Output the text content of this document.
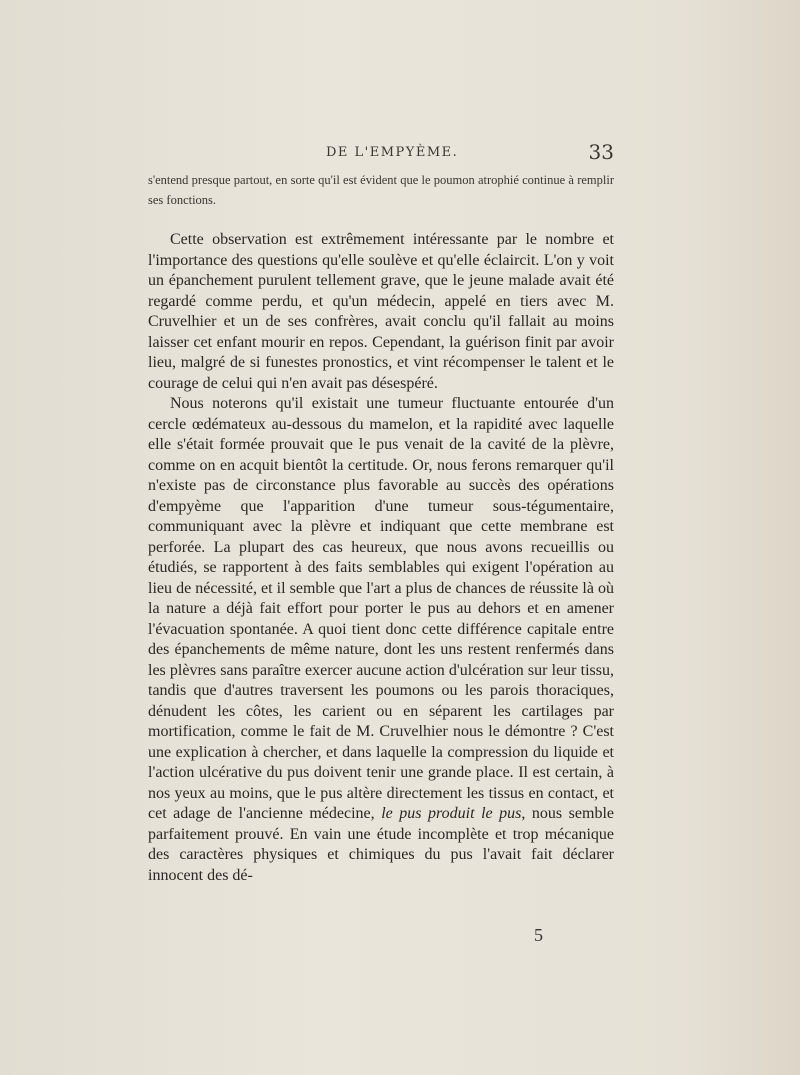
DE L'EMPYÈME.	33
s'entend presque partout, en sorte qu'il est évident que le poumon atrophié continue à remplir ses fonctions.

Cette observation est extrêmement intéressante par le nombre et l'importance des questions qu'elle soulève et qu'elle éclaircit. L'on y voit un épanchement purulent tellement grave, que le jeune malade avait été regardé comme perdu, et qu'un médecin, appelé en tiers avec M. Cruvelhier et un de ses confrères, avait conclu qu'il fallait au moins laisser cet enfant mourir en repos. Cependant, la guérison finit par avoir lieu, malgré de si funestes pronostics, et vint récompenser le talent et le courage de celui qui n'en avait pas désespéré.

Nous noterons qu'il existait une tumeur fluctuante entourée d'un cercle œdémateux au-dessous du mamelon, et la rapidité avec laquelle elle s'était formée prouvait que le pus venait de la cavité de la plèvre, comme on en acquit bientôt la certitude. Or, nous ferons remarquer qu'il n'existe pas de circonstance plus favorable au succès des opérations d'empyème que l'apparition d'une tumeur sous-tégumentaire, communiquant avec la plèvre et indiquant que cette membrane est perforée. La plupart des cas heureux, que nous avons recueillis ou étudiés, se rapportent à des faits semblables qui exigent l'opération au lieu de nécessité, et il semble que l'art a plus de chances de réussite là où la nature a déjà fait effort pour porter le pus au dehors et en amener l'évacuation spontanée. A quoi tient donc cette différence capitale entre des épanchements de même nature, dont les uns restent renfermés dans les plèvres sans paraître exercer aucune action d'ulcération sur leur tissu, tandis que d'autres traversent les poumons ou les parois thoraciques, dénudent les côtes, les carient ou en séparent les cartilages par mortification, comme le fait de M. Cruvelhier nous le démontre ? C'est une explication à chercher, et dans laquelle la compression du liquide et l'action ulcérative du pus doivent tenir une grande place. Il est certain, à nos yeux au moins, que le pus altère directement les tissus en contact, et cet adage de l'ancienne médecine, le pus produit le pus, nous semble parfaitement prouvé. En vain une étude incomplète et trop mécanique des caractères physiques et chimiques du pus l'avait fait déclarer innocent des dé-

5
